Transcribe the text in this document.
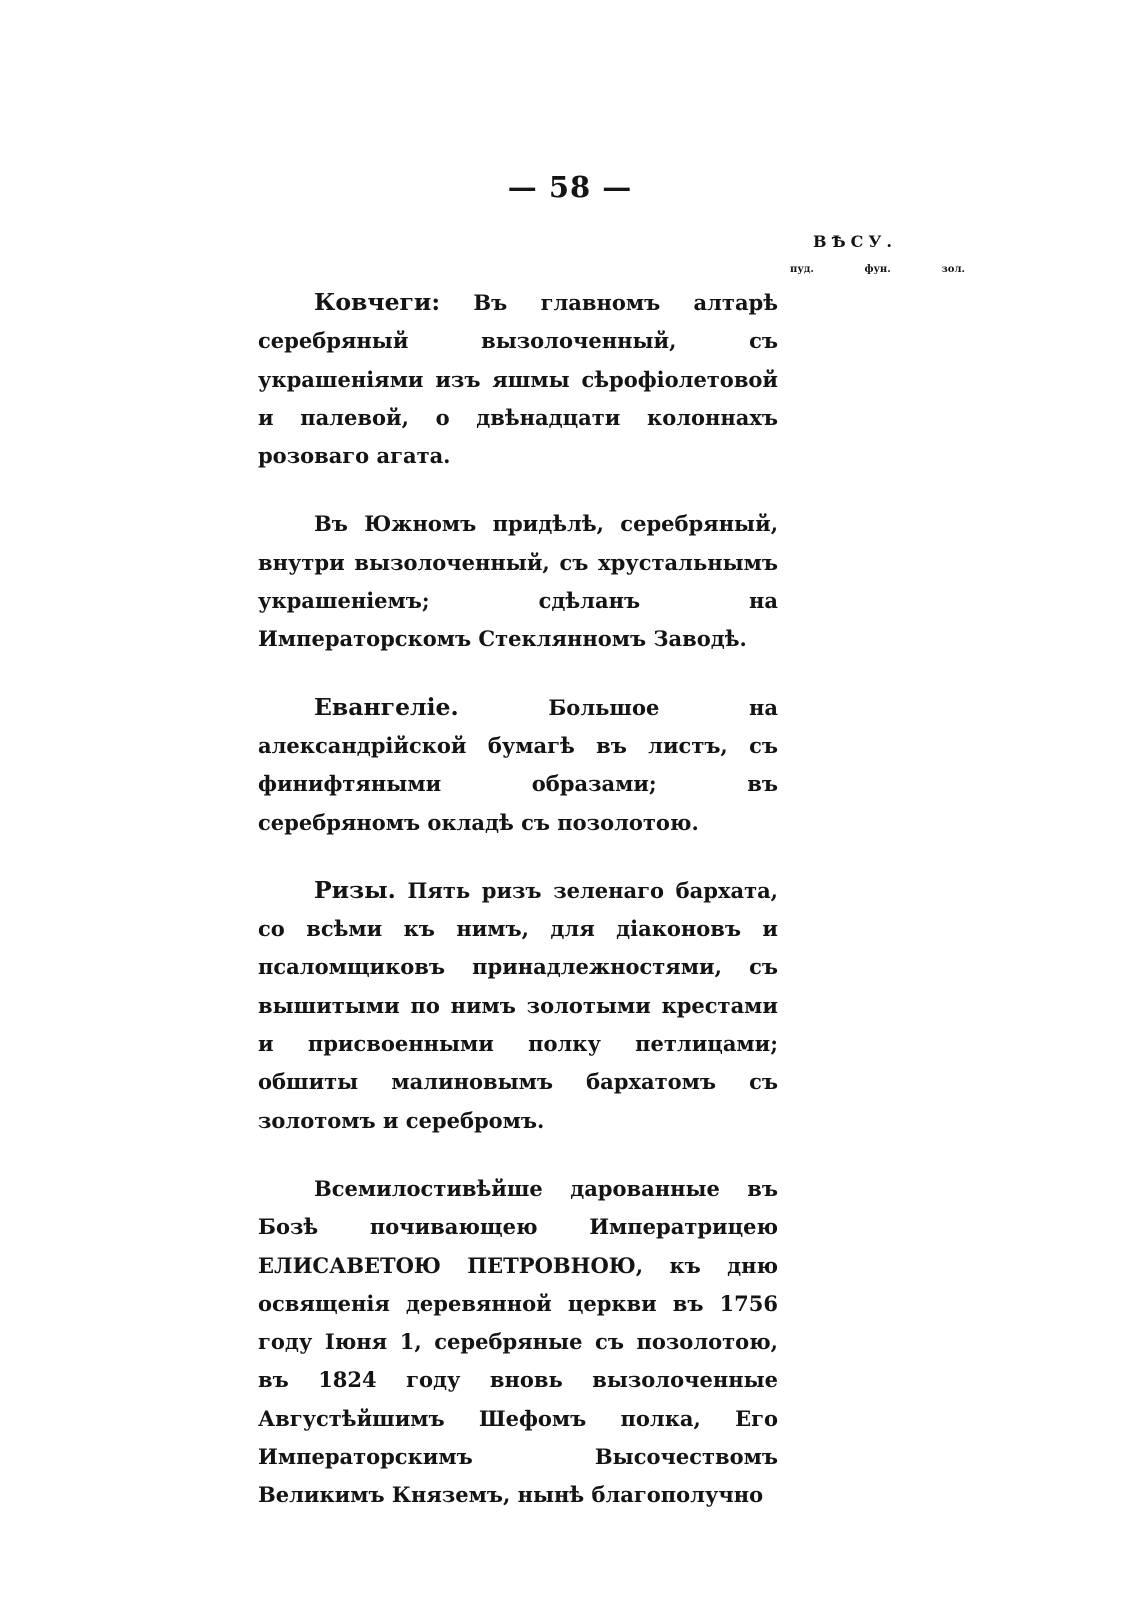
— 58 —
ВѢСУ.
пуд.	фун.	зол.

Ковчеги: Въ главномъ алтарѣ серебряный вызолоченный, съ украшеніями изъ яшмы сѣрофіолетовой и палевой, о двѣнадцати колоннахъ розоваго агата.

Въ Южномъ придѣлѣ, серебряный, внутри вызолоченный, съ хрустальнымъ украшеніемъ; сдѣланъ на Императорскомъ Стеклянномъ Заводѣ.

Евангеліе. Большое на александрійской бумагѣ въ листъ, съ финифтяными образами; въ серебряномъ окладѣ съ позолотою.

Ризы. Пять ризъ зеленаго бархата, со всѣми къ нимъ, для діаконовъ и псаломщиковъ принадлежностями, съ вышитыми по нимъ золотыми крестами и присвоенными полку петлицами; обшиты малиновымъ бархатомъ съ золотомъ и серебромъ.

Всемилостивѣйше дарованные въ Бозѣ почивающею Императрицею ЕЛИСАВЕТОЮ ПЕТРОВНОЮ, къ дню освященія деревянной церкви въ 1756 году Іюня 1, серебряные съ позолотою, въ 1824 году вновь вызолоченные Августѣйшимъ Шефомъ полка, Его Императорскимъ Высочествомъ Великимъ Княземъ, нынѣ благополучно
